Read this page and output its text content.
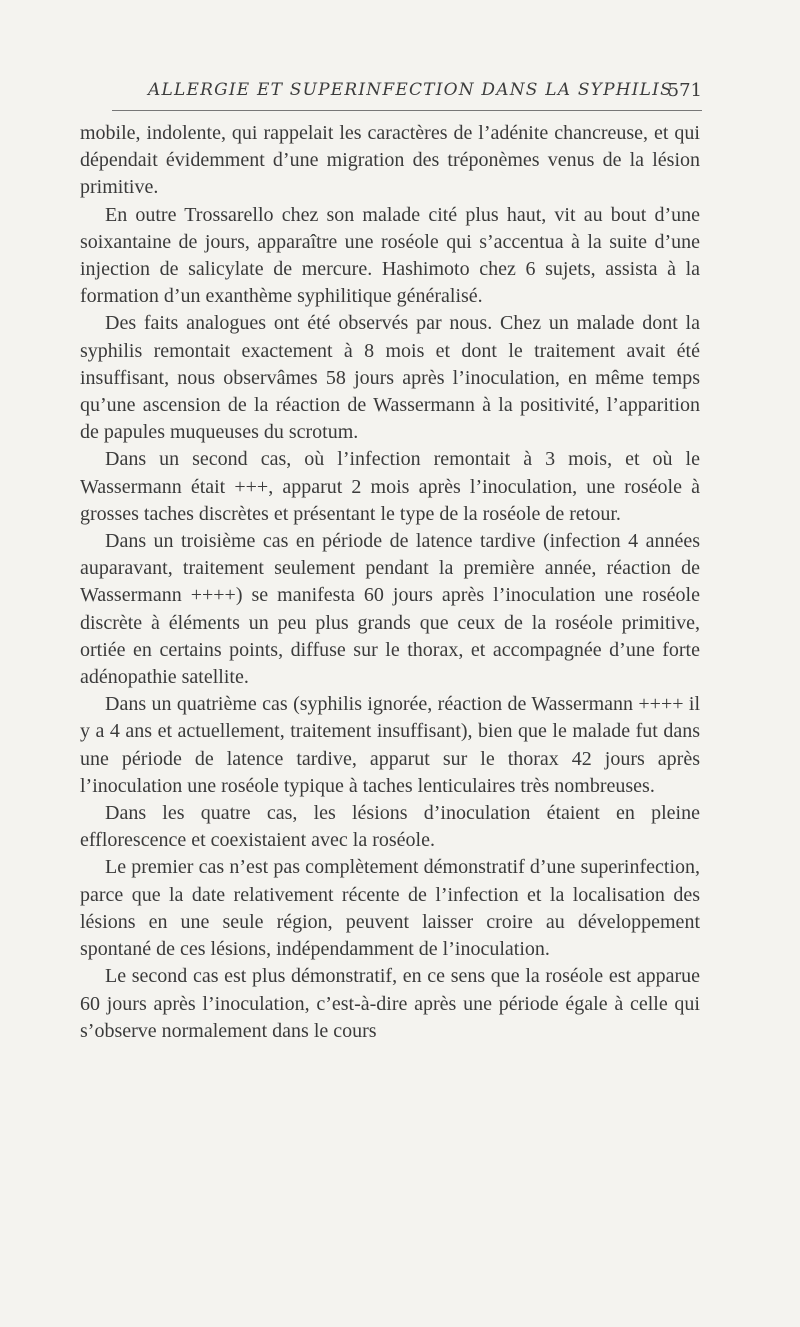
ALLERGIE ET SUPERINFECTION DANS LA SYPHILIS
571

mobile, indolente, qui rappelait les caractères de l’adénite chancreuse, et qui dépendait évidemment d’une migration des tréponèmes venus de la lésion primitive.

En outre Trossarello chez son malade cité plus haut, vit au bout d’une soixantaine de jours, apparaître une roséole qui s’accentua à la suite d’une injection de salicylate de mercure. Hashimoto chez 6 sujets, assista à la formation d’un exanthème syphilitique généralisé.

Des faits analogues ont été observés par nous. Chez un malade dont la syphilis remontait exactement à 8 mois et dont le traitement avait été insuffisant, nous observâmes 58 jours après l’inoculation, en même temps qu’une ascension de la réaction de Wassermann à la positivité, l’apparition de papules muqueuses du scrotum.

Dans un second cas, où l’infection remontait à 3 mois, et où le Wassermann était +++, apparut 2 mois après l’inoculation, une roséole à grosses taches discrètes et présentant le type de la roséole de retour.

Dans un troisième cas en période de latence tardive (infection 4 années auparavant, traitement seulement pendant la première année, réaction de Wassermann ++++) se manifesta 60 jours après l’inoculation une roséole discrète à éléments un peu plus grands que ceux de la roséole primitive, ortiée en certains points, diffuse sur le thorax, et accompagnée d’une forte adénopathie satellite.

Dans un quatrième cas (syphilis ignorée, réaction de Wassermann ++++ il y a 4 ans et actuellement, traitement insuffisant), bien que le malade fut dans une période de latence tardive, apparut sur le thorax 42 jours après l’inoculation une roséole typique à taches lenticulaires très nombreuses.

Dans les quatre cas, les lésions d’inoculation étaient en pleine efflorescence et coexistaient avec la roséole.

Le premier cas n’est pas complètement démonstratif d’une superinfection, parce que la date relativement récente de l’infection et la localisation des lésions en une seule région, peuvent laisser croire au développement spontané de ces lésions, indépendamment de l’inoculation.

Le second cas est plus démonstratif, en ce sens que la roséole est apparue 60 jours après l’inoculation, c’est-à-dire après une période égale à celle qui s’observe normalement dans le cours
